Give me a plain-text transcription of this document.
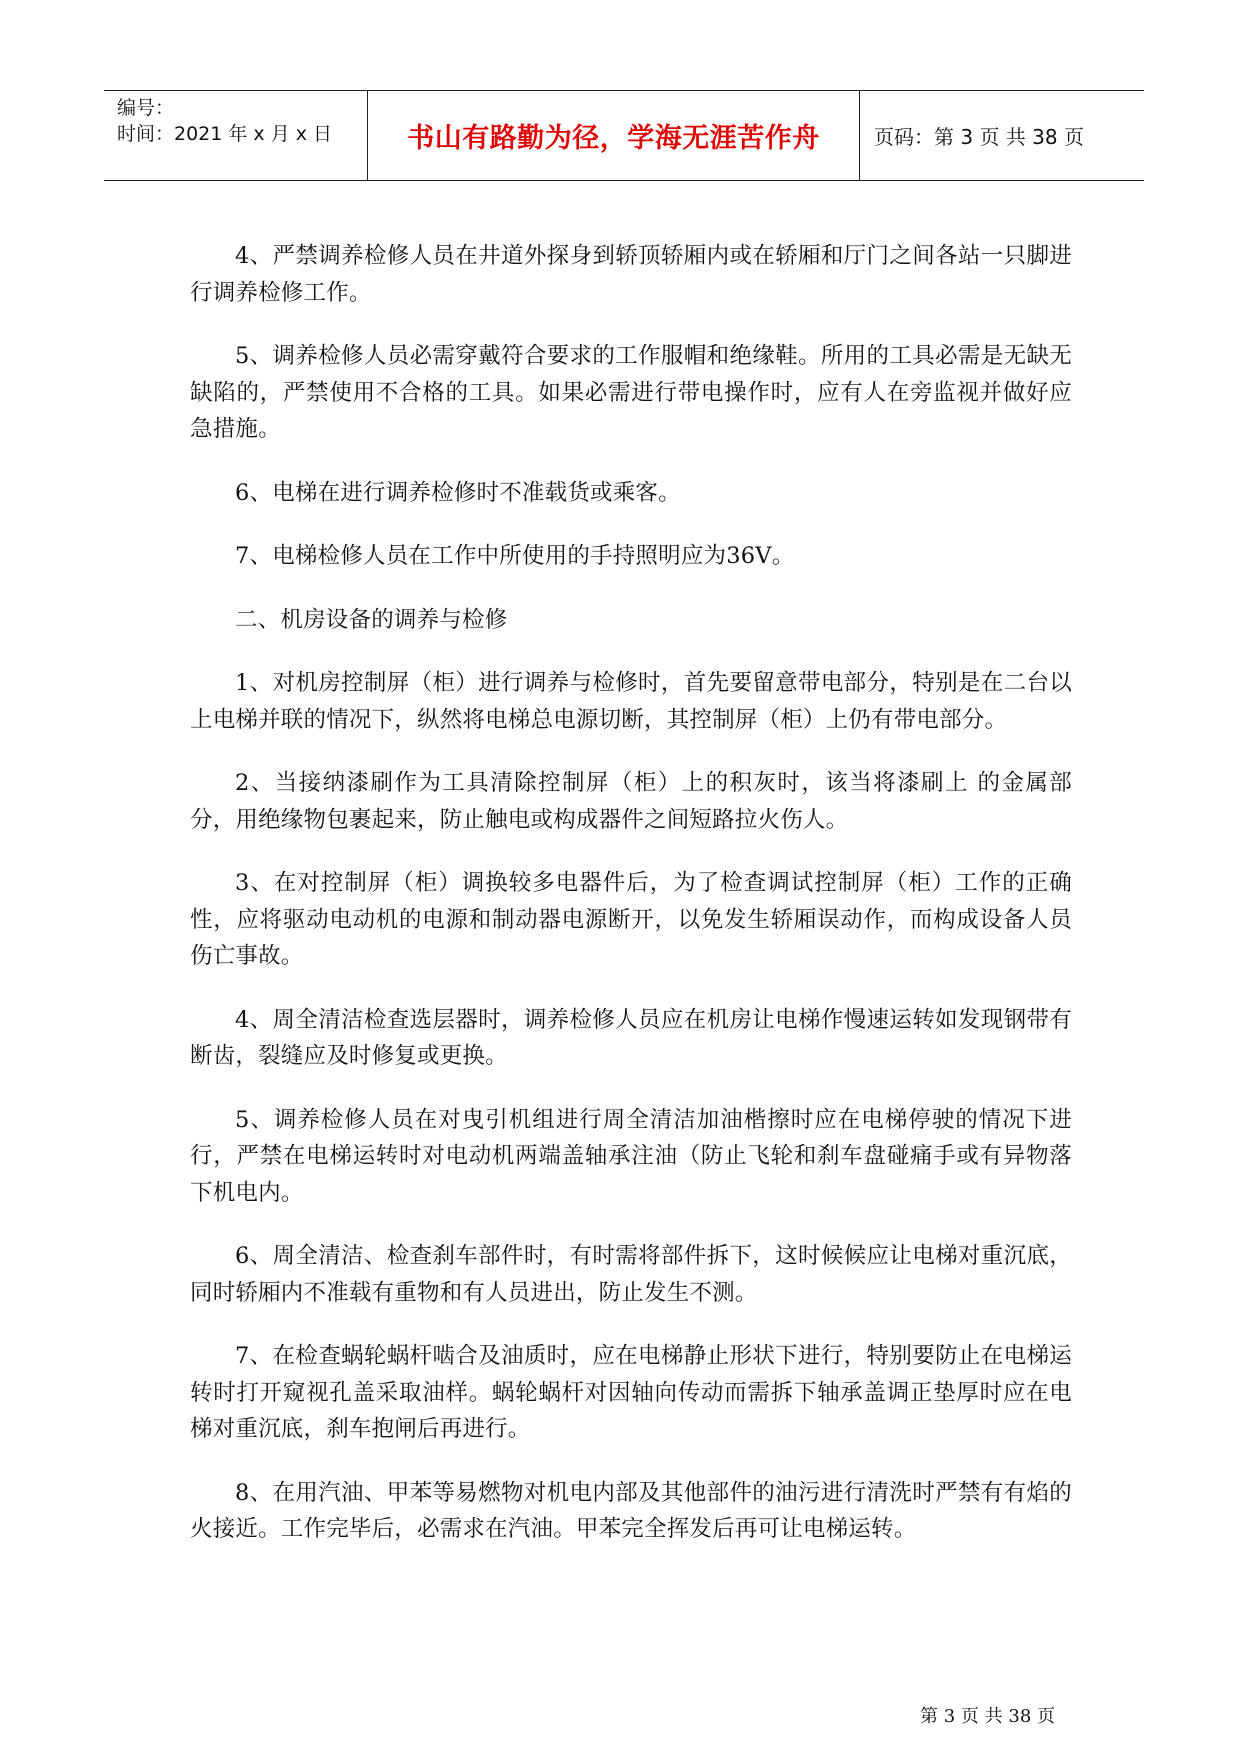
编号：
时间：2021 年 x 月 x 日	书山有路勤为径，学海无涯苦作舟	页码：第 3 页 共 38 页

4、严禁调养检修人员在井道外探身到轿顶轿厢内或在轿厢和厅门之间各站一只脚进行调养检修工作。

5、调养检修人员必需穿戴符合要求的工作服帽和绝缘鞋。所用的工具必需是无缺无缺陷的，严禁使用不合格的工具。如果必需进行带电操作时，应有人在旁监视并做好应急措施。

6、电梯在进行调养检修时不准载货或乘客。

7、电梯检修人员在工作中所使用的手持照明应为36V。

二、机房设备的调养与检修

1、对机房控制屏（柜）进行调养与检修时，首先要留意带电部分，特别是在二台以上电梯并联的情况下，纵然将电梯总电源切断，其控制屏（柜）上仍有带电部分。

2、当接纳漆刷作为工具清除控制屏（柜）上的积灰时，该当将漆刷上 的金属部分，用绝缘物包裹起来，防止触电或构成器件之间短路拉火伤人。

3、在对控制屏（柜）调换较多电器件后，为了检查调试控制屏（柜）工作的正确性，应将驱动电动机的电源和制动器电源断开，以免发生轿厢误动作，而构成设备人员伤亡事故。

4、周全清洁检查选层器时，调养检修人员应在机房让电梯作慢速运转如发现钢带有断齿，裂缝应及时修复或更换。

5、调养检修人员在对曳引机组进行周全清洁加油楷擦时应在电梯停驶的情况下进行，严禁在电梯运转时对电动机两端盖轴承注油（防止飞轮和刹车盘碰痛手或有异物落下机电内。

6、周全清洁、检查刹车部件时，有时需将部件拆下，这时候候应让电梯对重沉底，同时轿厢内不准载有重物和有人员进出，防止发生不测。

7、在检查蜗轮蜗杆啮合及油质时，应在电梯静止形状下进行，特别要防止在电梯运转时打开窥视孔盖采取油样。蜗轮蜗杆对因轴向传动而需拆下轴承盖调正垫厚时应在电梯对重沉底，刹车抱闸后再进行。

8、在用汽油、甲苯等易燃物对机电内部及其他部件的油污进行清洗时严禁有有焰的火接近。工作完毕后，必需求在汽油。甲苯完全挥发后再可让电梯运转。

第 3 页 共 38 页
